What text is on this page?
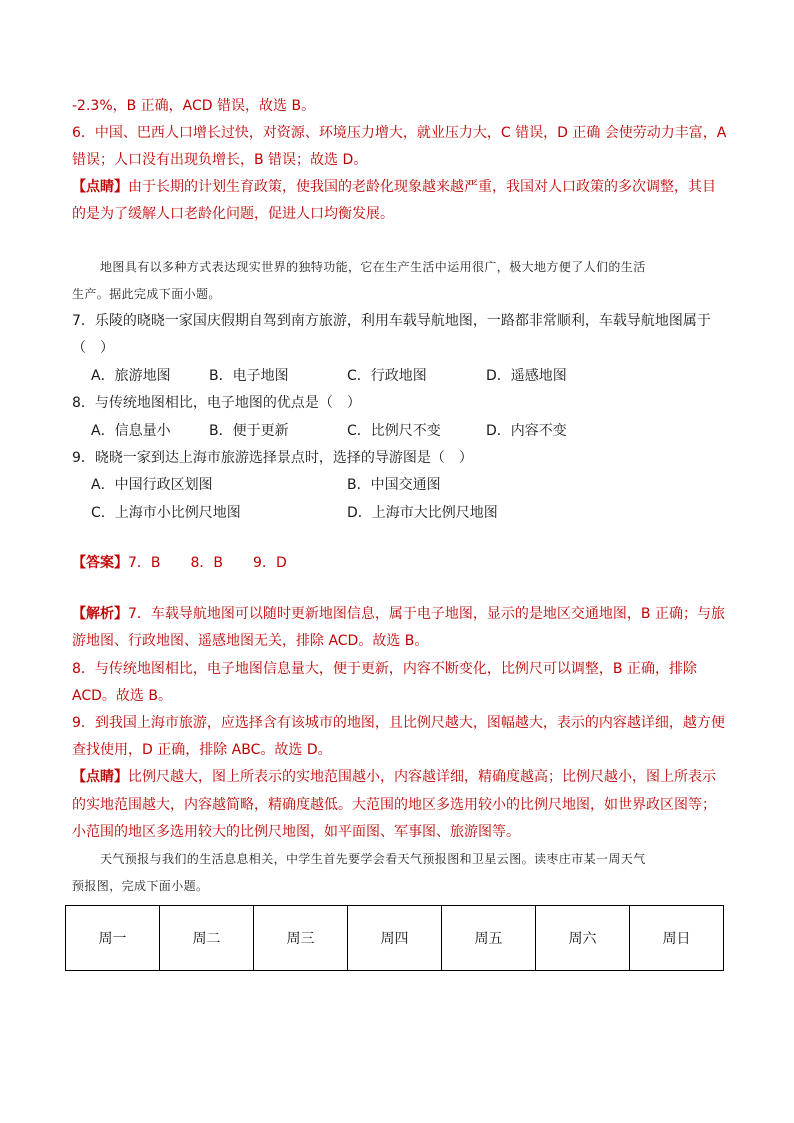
-2.3%，B 正确，ACD 错误，故选 B。
6．中国、巴西人口增长过快，对资源、环境压力增大，就业压力大，C 错误，D 正确 会使劳动力丰富，A
错误；人口没有出现负增长，B 错误；故选 D。
【点睛】由于长期的计划生育政策，使我国的老龄化现象越来越严重，我国对人口政策的多次调整，其目
的是为了缓解人口老龄化问题，促进人口均衡发展。
地图具有以多种方式表达现实世界的独特功能，它在生产生活中运用很广，极大地方便了人们的生活
生产。据此完成下面小题。
7．乐陵的晓晓一家国庆假期自驾到南方旅游，利用车载导航地图，一路都非常顺利，车载导航地图属于
（　）
A．旅游地图	B．电子地图	C．行政地图	D．遥感地图
8．与传统地图相比，电子地图的优点是（　）
A．信息量小	B．便于更新	C．比例尺不变	D．内容不变
9．晓晓一家到达上海市旅游选择景点时，选择的导游图是（　）
A．中国行政区划图	B．中国交通图
C．上海市小比例尺地图	D．上海市大比例尺地图
【答案】7．B 8．B 9．D
【解析】7．车载导航地图可以随时更新地图信息，属于电子地图，显示的是地区交通地图，B 正确；与旅
游地图、行政地图、遥感地图无关，排除 ACD。故选 B。
8．与传统地图相比，电子地图信息量大，便于更新，内容不断变化，比例尺可以调整，B 正确，排除
ACD。故选 B。
9．到我国上海市旅游，应选择含有该城市的地图，且比例尺越大，图幅越大，表示的内容越详细，越方便
查找使用，D 正确，排除 ABC。故选 D。
【点睛】比例尺越大，图上所表示的实地范围越小，内容越详细，精确度越高；比例尺越小，图上所表示
的实地范围越大，内容越简略，精确度越低。大范围的地区多选用较小的比例尺地图，如世界政区图等；
小范围的地区多选用较大的比例尺地图，如平面图、军事图、旅游图等。
天气预报与我们的生活息息相关，中学生首先要学会看天气预报图和卫星云图。读枣庄市某一周天气
预报图，完成下面小题。
周一	周二	周三	周四	周五	周六	周日
